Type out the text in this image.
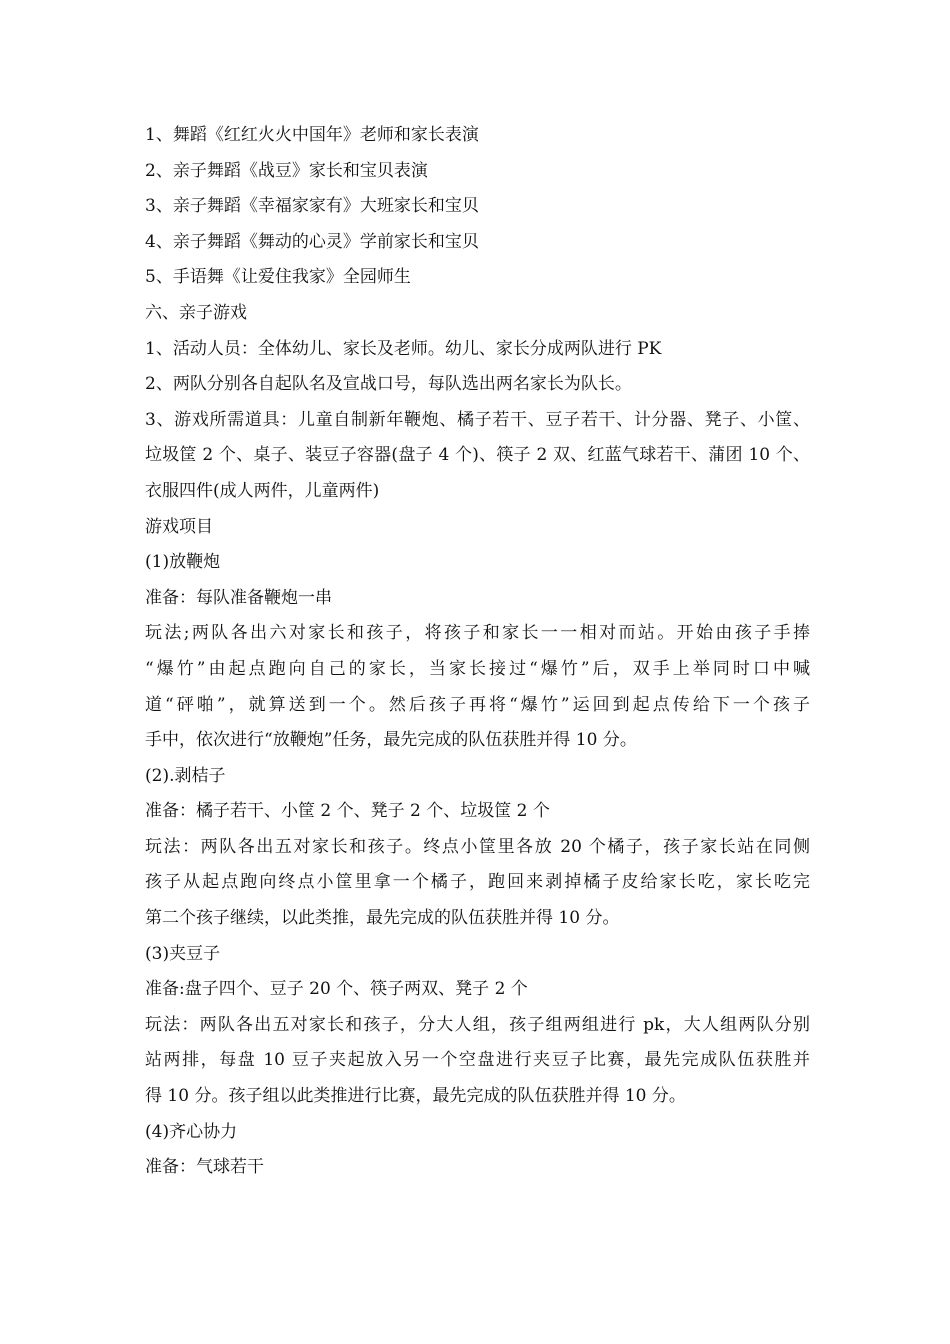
1、舞蹈《红红火火中国年》老师和家长表演
2、亲子舞蹈《战豆》家长和宝贝表演
3、亲子舞蹈《幸福家家有》大班家长和宝贝
4、亲子舞蹈《舞动的心灵》学前家长和宝贝
5、手语舞《让爱住我家》全园师生
六、亲子游戏
1、活动人员：全体幼儿、家长及老师。幼儿、家长分成两队进行 PK
2、两队分别各自起队名及宣战口号，每队选出两名家长为队长。
3、游戏所需道具：儿童自制新年鞭炮、橘子若干、豆子若干、计分器、凳子、小筐、
垃圾筐 2 个、桌子、装豆子容器(盘子 4 个)、筷子 2 双、红蓝气球若干、蒲团 10 个、
衣服四件(成人两件，儿童两件)
游戏项目
(1)放鞭炮
准备：每队准备鞭炮一串
玩法;两队各出六对家长和孩子，将孩子和家长一一相对而站。开始由孩子手捧
“爆竹”由起点跑向自己的家长，当家长接过“爆竹”后，双手上举同时口中喊
道“砰啪”，就算送到一个。然后孩子再将“爆竹”运回到起点传给下一个孩子
手中，依次进行“放鞭炮”任务，最先完成的队伍获胜并得 10 分。
(2).剥桔子
准备：橘子若干、小筐 2 个、凳子 2 个、垃圾筐 2 个
玩法：两队各出五对家长和孩子。终点小筐里各放 20 个橘子，孩子家长站在同侧
孩子从起点跑向终点小筐里拿一个橘子，跑回来剥掉橘子皮给家长吃，家长吃完
第二个孩子继续，以此类推，最先完成的队伍获胜并得 10 分。
(3)夹豆子
准备:盘子四个、豆子 20 个、筷子两双、凳子 2 个
玩法：两队各出五对家长和孩子，分大人组，孩子组两组进行 pk，大人组两队分别
站两排，每盘 10 豆子夹起放入另一个空盘进行夹豆子比赛，最先完成队伍获胜并
得 10 分。孩子组以此类推进行比赛，最先完成的队伍获胜并得 10 分。
(4)齐心协力
准备：气球若干
